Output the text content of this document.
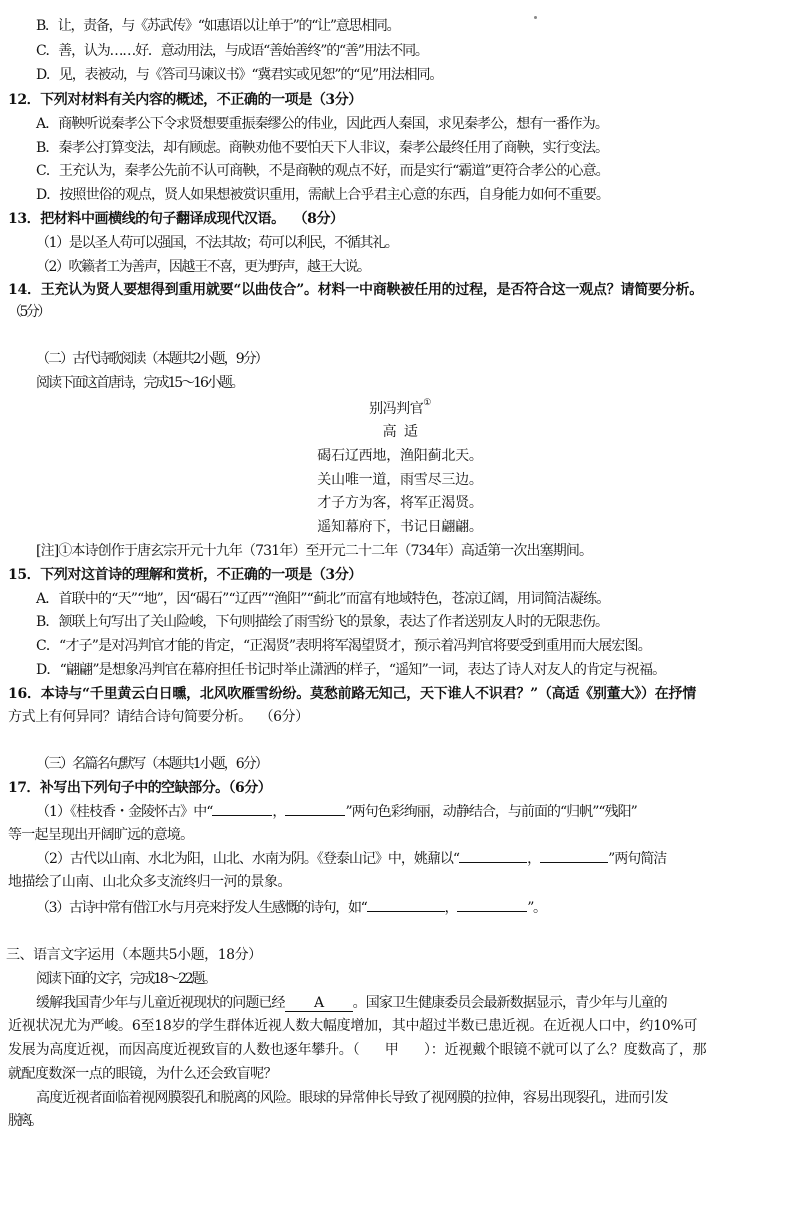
B．让，责备，与《苏武传》“如惠语以让单于”的“让”意思相同。
C．善，认为……好．意动用法，与成语“善始善终”的“善”用法不同。
D．见，表被动，与《答司马谏议书》“冀君实或见恕”的“见”用法相同。
12．下列对材料有关内容的概述，不正确的一项是（3分）
A．商鞅听说秦孝公下令求贤想要重振秦缪公的伟业，因此西人秦国，求见秦孝公，想有一番作为。
B．秦孝公打算变法，却有顾虑。商鞅劝他不要怕天下人非议，秦孝公最终任用了商鞅，实行变法。
C．王充认为，秦孝公先前不认可商鞅，不是商鞅的观点不好，而是实行“霸道”更符合孝公的心意。
D．按照世俗的观点，贤人如果想被赏识重用，需献上合乎君主心意的东西，自身能力如何不重要。
13．把材料中画横线的句子翻译成现代汉语。  （8分）
（1）是以圣人苟可以强国，不法其故；苟可以利民，不循其礼。
（2）吹籁者工为善声，因越王不喜，更为野声，越王大说。
14．王充认为贤人要想得到重用就要“以曲伎合”。材料一中商鞅被任用的过程，是否符合这一观点？请简要分析。
（5分）
（二）古代诗歌阅读（本题共2小题，9分）
阅读下面这首唐诗，完成15～16小题。
别冯判官①
高  适
碣石辽西地，渔阳蓟北天。
关山唯一道，雨雪尽三边。
才子方为客，将军正渴贤。
遥知幕府下，书记日翩翩。
[注]①本诗创作于唐玄宗开元十九年（731年）至开元二十二年（734年）高适第一次出塞期间。
15．下列对这首诗的理解和赏析，不正确的一项是（3分）
A．首联中的“天”“地”，因“碣石”“辽西”“渔阳”“蓟北”而富有地域特色，苍凉辽阔，用词简洁凝练。
B．颔联上句写出了关山险峻，下句则描绘了雨雪纷飞的景象，表达了作者送别友人时的无限悲伤。
C．“才子”是对冯判官才能的肯定，“正渴贤”表明将军渴望贤才，预示着冯判官将要受到重用而大展宏图。
D．“翩翩”是想象冯判官在幕府担任书记时举止潇洒的样子，“遥知”一词，表达了诗人对友人的肯定与祝福。
16．本诗与“千里黄云白日曛，北风吹雁雪纷纷。莫愁前路无知己，天下谁人不识君？”（高适《别董大》）在抒情
方式上有何异同？请结合诗句简要分析。  （6分）
（三）名篇名句默写（本题共1小题，6分）
17．补写出下列句子中的空缺部分。（6分）
（1）《桂枝香・金陵怀古》中“	，	”两句色彩绚丽，动静结合，与前面的“归帆”“残阳”
等一起呈现出开阔旷远的意境。
（2）古代以山南、水北为阳，山北、水南为阴。《登泰山记》中，姚鼐以“	，	”两句简洁
地描绘了山南、山北众多支流终归一河的景象。
（3）古诗中常有借江水与月亮来抒发人生感慨的诗句，如“	，	”。
三、语言文字运用（本题共5小题，18分）
阅读下面的文字，完成18～22题。
缓解我国青少年与儿童近视现状的问题已经 A 。国家卫生健康委员会最新数据显示，青少年与儿童的
近视状况尤为严峻。6至18岁的学生群体近视人数大幅度增加，其中超过半数已患近视。在近视人口中，约10%可
发展为高度近视，而因高度近视致盲的人数也逐年攀升。（      甲      ）：近视戴个眼镜不就可以了么？度数高了，那
就配度数深一点的眼镜，为什么还会致盲呢？
高度近视者面临着视网膜裂孔和脱离的风险。眼球的异常伸长导致了视网膜的拉伸，容易出现裂孔，进而引发
脱离。
